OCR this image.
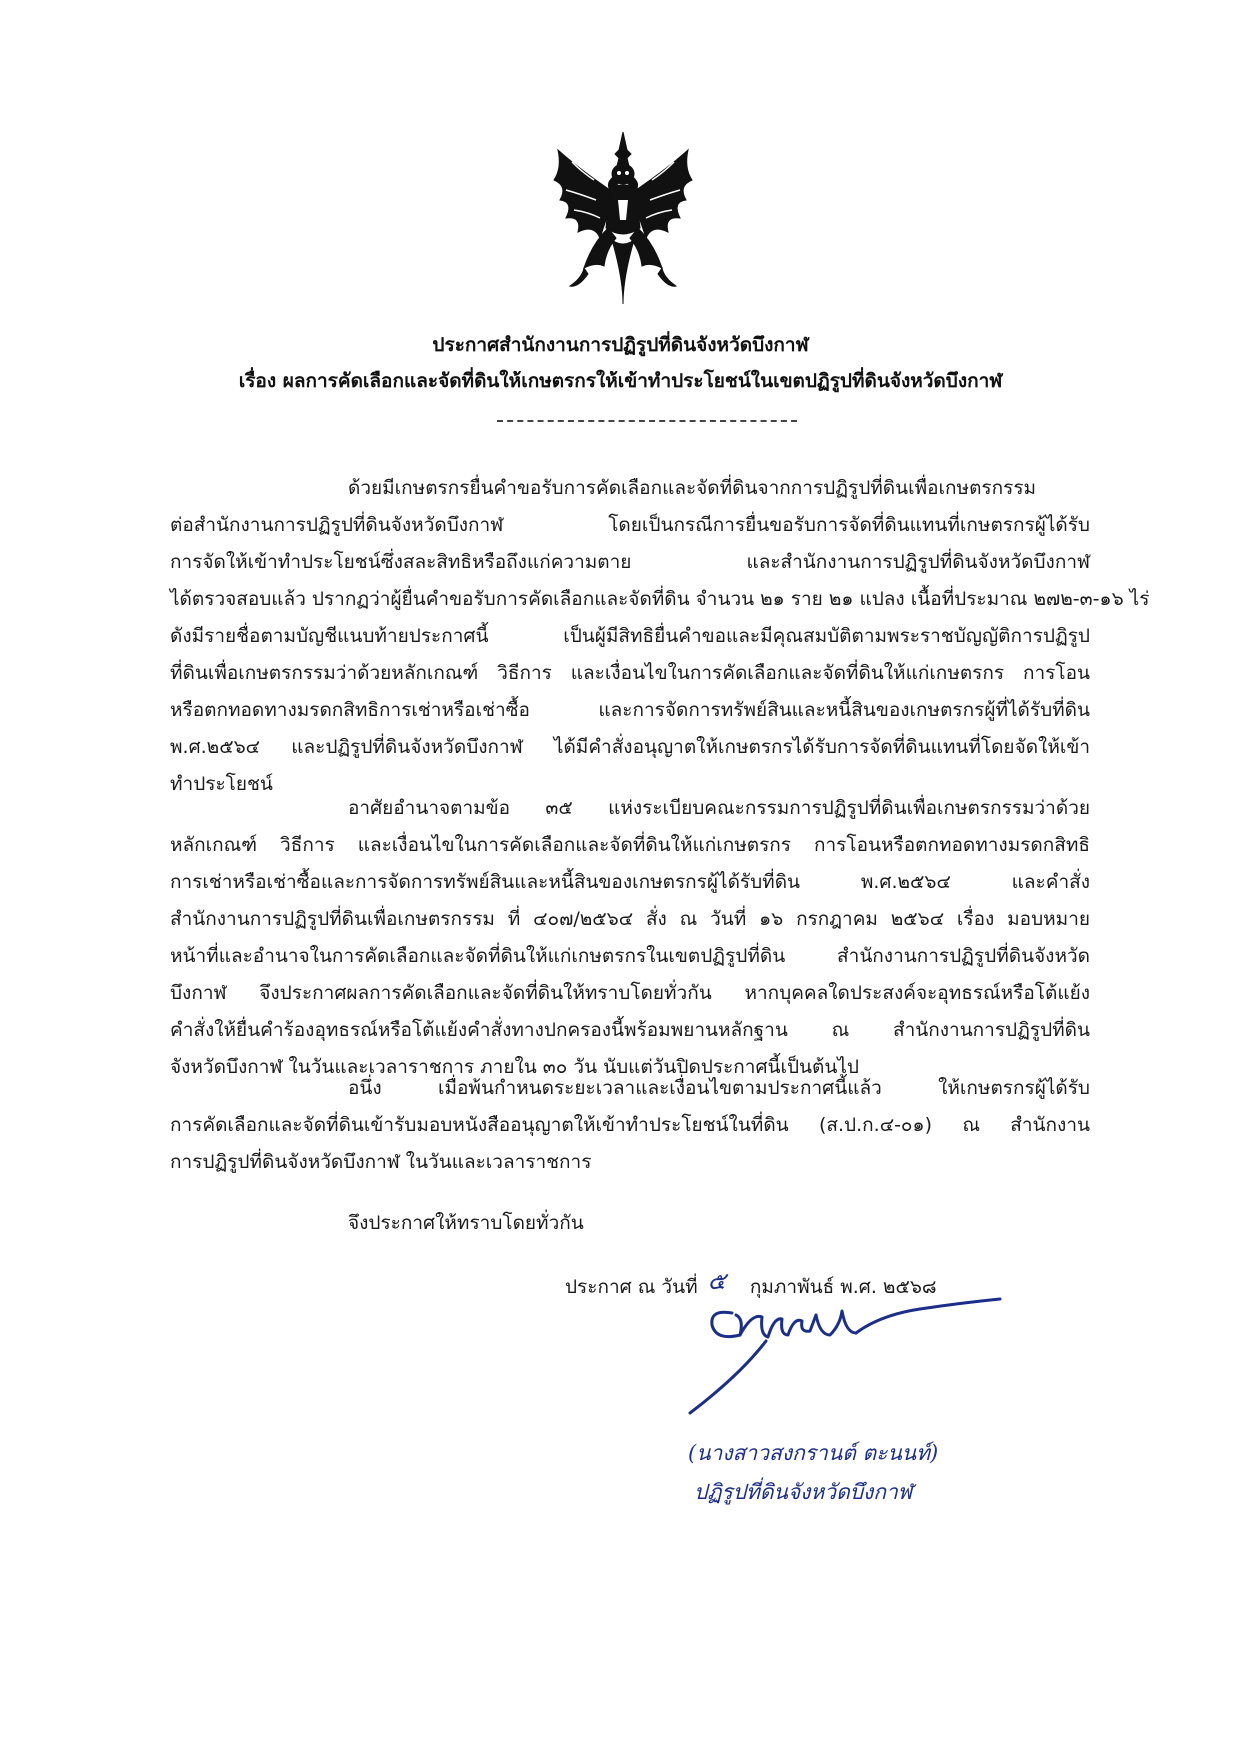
ประกาศสำนักงานการปฏิรูปที่ดินจังหวัดบึงกาฬ
เรื่อง ผลการคัดเลือกและจัดที่ดินให้เกษตรกรให้เข้าทำประโยชน์ในเขตปฏิรูปที่ดินจังหวัดบึงกาฬ
ด้วยมีเกษตรกรยื่นคำขอรับการคัดเลือกและจัดที่ดินจากการปฏิรูปที่ดินเพื่อเกษตรกรรม
ต่อสำนักงานการปฏิรูปที่ดินจังหวัดบึงกาฬ โดยเป็นกรณีการยื่นขอรับการจัดที่ดินแทนที่เกษตรกรผู้ได้รับ
การจัดให้เข้าทำประโยชน์ซึ่งสละสิทธิหรือถึงแก่ความตาย และสำนักงานการปฏิรูปที่ดินจังหวัดบึงกาฬ
ได้ตรวจสอบแล้ว ปรากฏว่าผู้ยื่นคำขอรับการคัดเลือกและจัดที่ดิน จำนวน ๒๑ ราย ๒๑ แปลง เนื้อที่ประมาณ ๒๗๒-๓-๑๖ ไร่
ดังมีรายชื่อตามบัญชีแนบท้ายประกาศนี้ เป็นผู้มีสิทธิยื่นคำขอและมีคุณสมบัติตามพระราชบัญญัติการปฏิรูป
ที่ดินเพื่อเกษตรกรรมว่าด้วยหลักเกณฑ์ วิธีการ และเงื่อนไขในการคัดเลือกและจัดที่ดินให้แก่เกษตรกร การโอน
หรือตกทอดทางมรดกสิทธิการเช่าหรือเช่าซื้อ และการจัดการทรัพย์สินและหนี้สินของเกษตรกรผู้ที่ได้รับที่ดิน
พ.ศ.๒๕๖๔ และปฏิรูปที่ดินจังหวัดบึงกาฬ ได้มีคำสั่งอนุญาตให้เกษตรกรได้รับการจัดที่ดินแทนที่โดยจัดให้เข้า
ทำประโยชน์
อาศัยอำนาจตามข้อ ๓๕ แห่งระเบียบคณะกรรมการปฏิรูปที่ดินเพื่อเกษตรกรรมว่าด้วย
หลักเกณฑ์ วิธีการ และเงื่อนไขในการคัดเลือกและจัดที่ดินให้แก่เกษตรกร การโอนหรือตกทอดทางมรดกสิทธิ
การเช่าหรือเช่าซื้อและการจัดการทรัพย์สินและหนี้สินของเกษตรกรผู้ได้รับที่ดิน พ.ศ.๒๕๖๔ และคำสั่ง
สำนักงานการปฏิรูปที่ดินเพื่อเกษตรกรรม ที่ ๔๐๗/๒๕๖๔ สั่ง ณ วันที่ ๑๖ กรกฎาคม ๒๕๖๔ เรื่อง มอบหมาย
หน้าที่และอำนาจในการคัดเลือกและจัดที่ดินให้แก่เกษตรกรในเขตปฏิรูปที่ดิน สำนักงานการปฏิรูปที่ดินจังหวัด
บึงกาฬ จึงประกาศผลการคัดเลือกและจัดที่ดินให้ทราบโดยทั่วกัน หากบุคคลใดประสงค์จะอุทธรณ์หรือโต้แย้ง
คำสั่งให้ยื่นคำร้องอุทธรณ์หรือโต้แย้งคำสั่งทางปกครองนี้พร้อมพยานหลักฐาน ณ สำนักงานการปฏิรูปที่ดิน
จังหวัดบึงกาฬ ในวันและเวลาราชการ ภายใน ๓๐ วัน นับแต่วันปิดประกาศนี้เป็นต้นไป
อนึ่ง เมื่อพ้นกำหนดระยะเวลาและเงื่อนไขตามประกาศนี้แล้ว ให้เกษตรกรผู้ได้รับ
การคัดเลือกและจัดที่ดินเข้ารับมอบหนังสืออนุญาตให้เข้าทำประโยชน์ในที่ดิน (ส.ป.ก.๔-๐๑) ณ สำนักงาน
การปฏิรูปที่ดินจังหวัดบึงกาฬ ในวันและเวลาราชการ
จึงประกาศให้ทราบโดยทั่วกัน
ประกาศ ณ วันที่ ๕ กุมภาพันธ์ พ.ศ. ๒๕๖๘
(นางสาวสงกรานต์ ตะนนท์)
ปฏิรูปที่ดินจังหวัดบึงกาฬ
